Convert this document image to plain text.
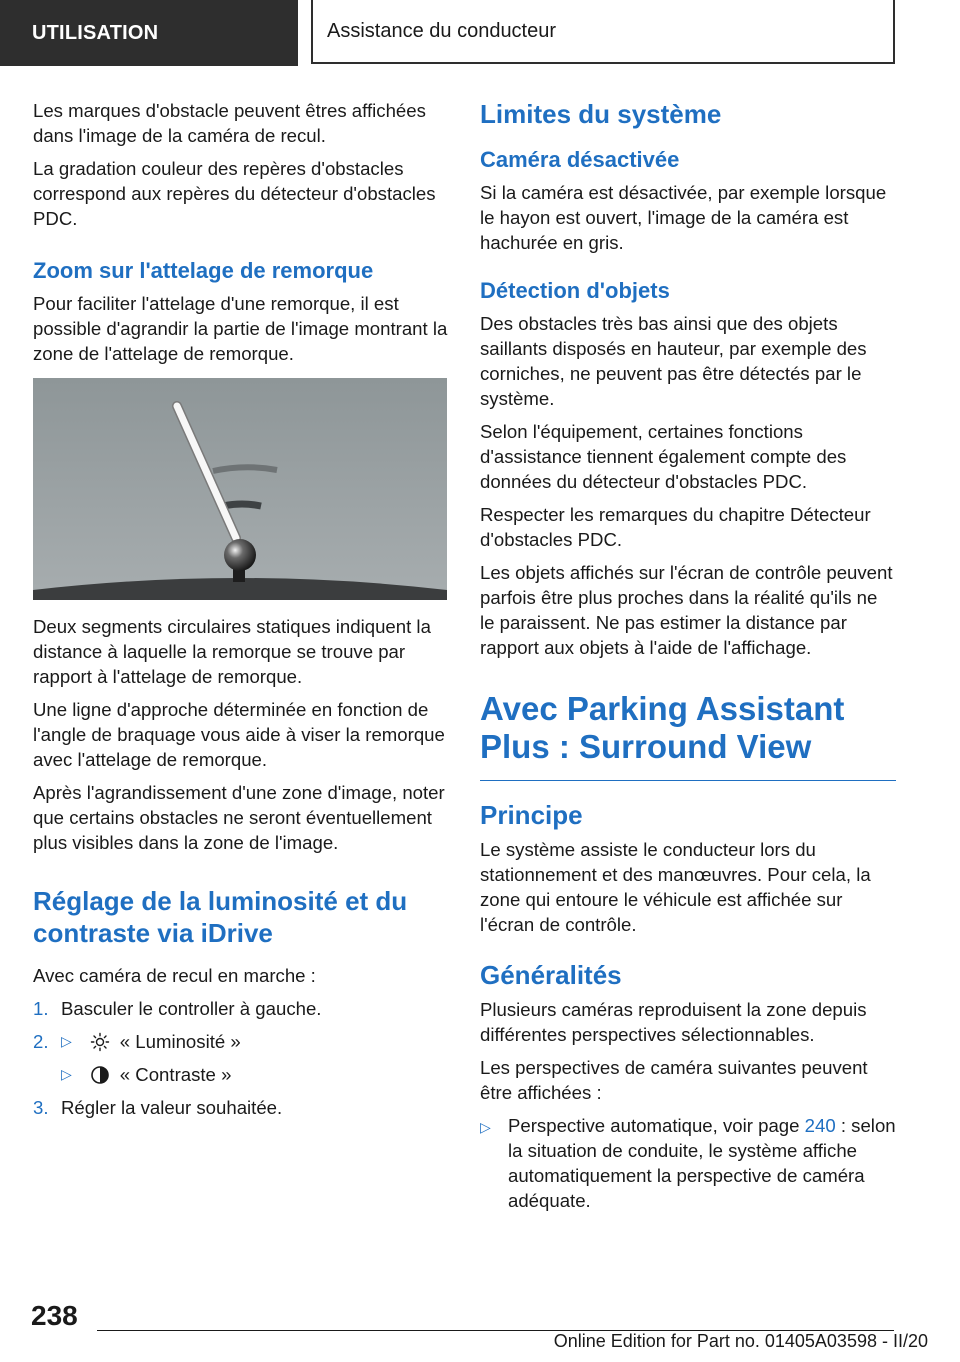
UTILISATION	Assistance du conducteur

Les marques d'obstacle peuvent êtres affichées dans l'image de la caméra de recul.

La gradation couleur des repères d'obstacles correspond aux repères du détecteur d'obstacles PDC.

Zoom sur l'attelage de remorque

Pour faciliter l'attelage d'une remorque, il est possible d'agrandir la partie de l'image montrant la zone de l'attelage de remorque.

Deux segments circulaires statiques indiquent la distance à laquelle la remorque se trouve par rapport à l'attelage de remorque.

Une ligne d'approche déterminée en fonction de l'angle de braquage vous aide à viser la remorque avec l'attelage de remorque.

Après l'agrandissement d'une zone d'image, noter que certains obstacles ne seront éventuellement plus visibles dans la zone de l'image.

Réglage de la luminosité et du contraste via iDrive

Avec caméra de recul en marche :

1. Basculer le controller à gauche.
2. ▷	« Luminosité »
▷	« Contraste »
3. Régler la valeur souhaitée.
Limites du système
Caméra désactivée

Si la caméra est désactivée, par exemple lorsque le hayon est ouvert, l'image de la caméra est hachurée en gris.

Détection d'objets

Des obstacles très bas ainsi que des objets saillants disposés en hauteur, par exemple des corniches, ne peuvent pas être détectés par le système.

Selon l'équipement, certaines fonctions d'assistance tiennent également compte des données du détecteur d'obstacles PDC.

Respecter les remarques du chapitre Détecteur d'obstacles PDC.

Les objets affichés sur l'écran de contrôle peuvent parfois être plus proches dans la réalité qu'ils ne le paraissent. Ne pas estimer la distance par rapport aux objets à l'aide de l'affichage.

Avec Parking Assistant Plus : Surround View
Principe

Le système assiste le conducteur lors du stationnement et des manœuvres. Pour cela, la zone qui entoure le véhicule est affichée sur l'écran de contrôle.

Généralités

Plusieurs caméras reproduisent la zone depuis différentes perspectives sélectionnables.

Les perspectives de caméra suivantes peuvent être affichées :

▷ Perspective automatique, voir page 240 : selon la situation de conduite, le système affiche automatiquement la perspective de caméra adéquate.
238
Online Edition for Part no. 01405A03598 - II/20
